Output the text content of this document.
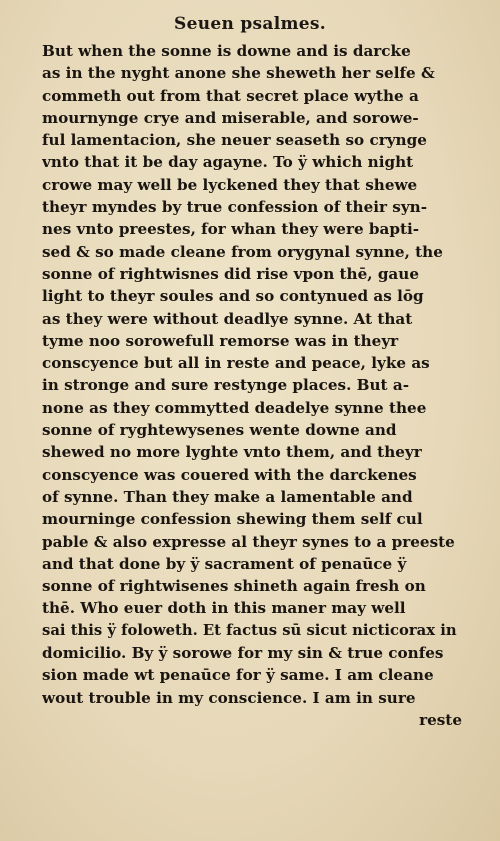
Seuen psalmes.
But when the sonne is downe and is darcke
as in the nyght anone she sheweth her selfe &
commeth out from that secret place wythe a
mournynge crye and miserable, and sorowe-
ful lamentacion, she neuer seaseth so crynge
vnto that it be day agayne. To ÿ which night
crowe may well be lyckened they that shewe
theyr myndes by true confession of their syn-
nes vnto preestes, for whan they were bapti-
sed & so made cleane from orygynal synne, the
sonne of rightwisnes did rise vpon thē, gaue
light to theyr soules and so contynued as lōg
as they were without deadlye synne. At that
tyme noo sorowefull remorse was in theyr
conscyence but all in reste and peace, lyke as
in stronge and sure restynge places. But a-
none as they commytted deadelye synne thee
sonne of ryghtewysenes wente downe and
shewed no more lyghte vnto them, and theyr
conscyence was couered with the darckenes
of synne. Than they make a lamentable and
mourninge confession shewing them self cul
pable & also expresse al theyr synes to a preeste
and that done by ÿ sacrament of penaūce ÿ
sonne of rightwisenes shineth again fresh on
thē. Who euer doth in this maner may well
sai this ÿ foloweth. Et factus sū sicut nicticorax in
domicilio. By ÿ sorowe for my sin & true confes
sion made wt penaūce for ÿ same. I am cleane
wout trouble in my conscience. I am in sure
reste
